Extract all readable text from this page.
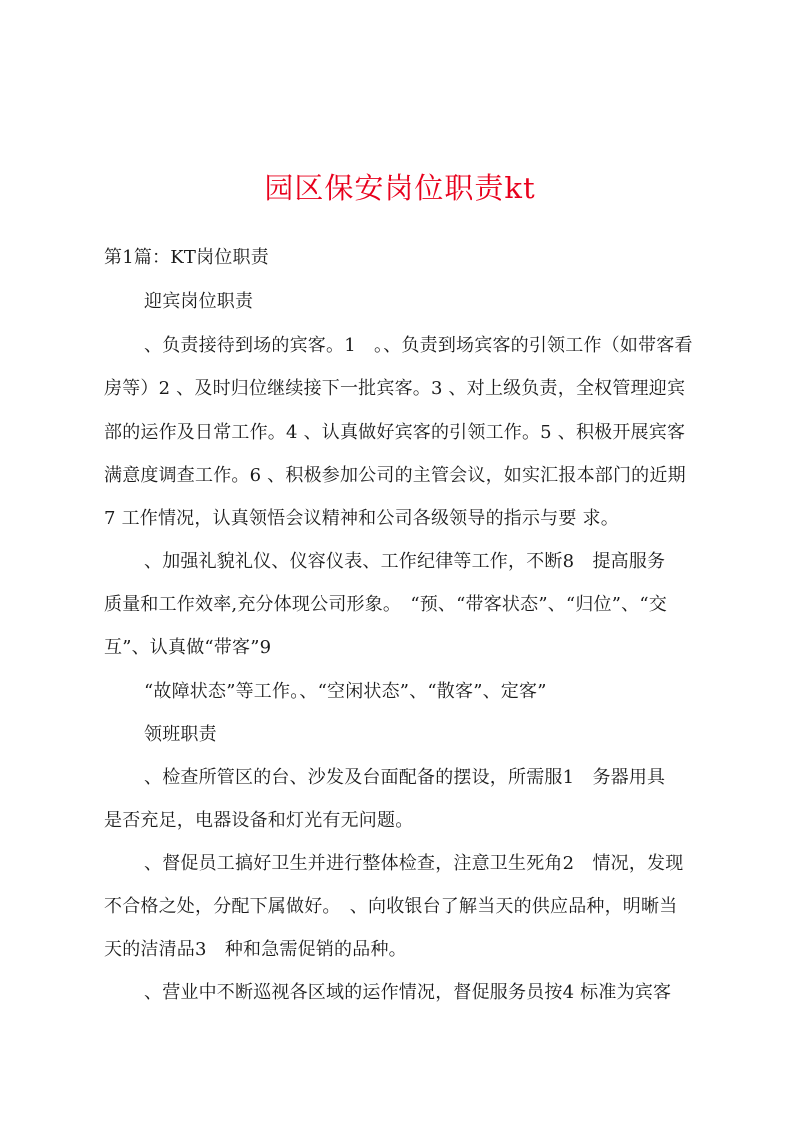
园区保安岗位职责kt

第1篇：KT岗位职责

迎宾岗位职责

、负责接待到场的宾客。1　。、负责到场宾客的引领工作（如带客看

房等）2 、及时归位继续接下一批宾客。3 、对上级负责，全权管理迎宾

部的运作及日常工作。4 、认真做好宾客的引领工作。5 、积极开展宾客

满意度调查工作。6 、积极参加公司的主管会议，如实汇报本部门的近期

7 工作情况，认真领悟会议精神和公司各级领导的指示与要 求。

、加强礼貌礼仪、仪容仪表、工作纪律等工作，不断8　提高服务

质量和工作效率,充分体现公司形象。　“预、“带客状态”、“归位”、“交

互”、认真做“带客”9

“故障状态”等工作。、“空闲状态”、“散客”、定客”

领班职责

、检查所管区的台、沙发及台面配备的摆设，所需服1　务器用具

是否充足，电器设备和灯光有无问题。

、督促员工搞好卫生并进行整体检查，注意卫生死角2　情况，发现

不合格之处，分配下属做好。　、向收银台了解当天的供应品种，明晰当

天的洁清品3　种和急需促销的品种。

、营业中不断巡视各区域的运作情况，督促服务员按4 标准为宾客
